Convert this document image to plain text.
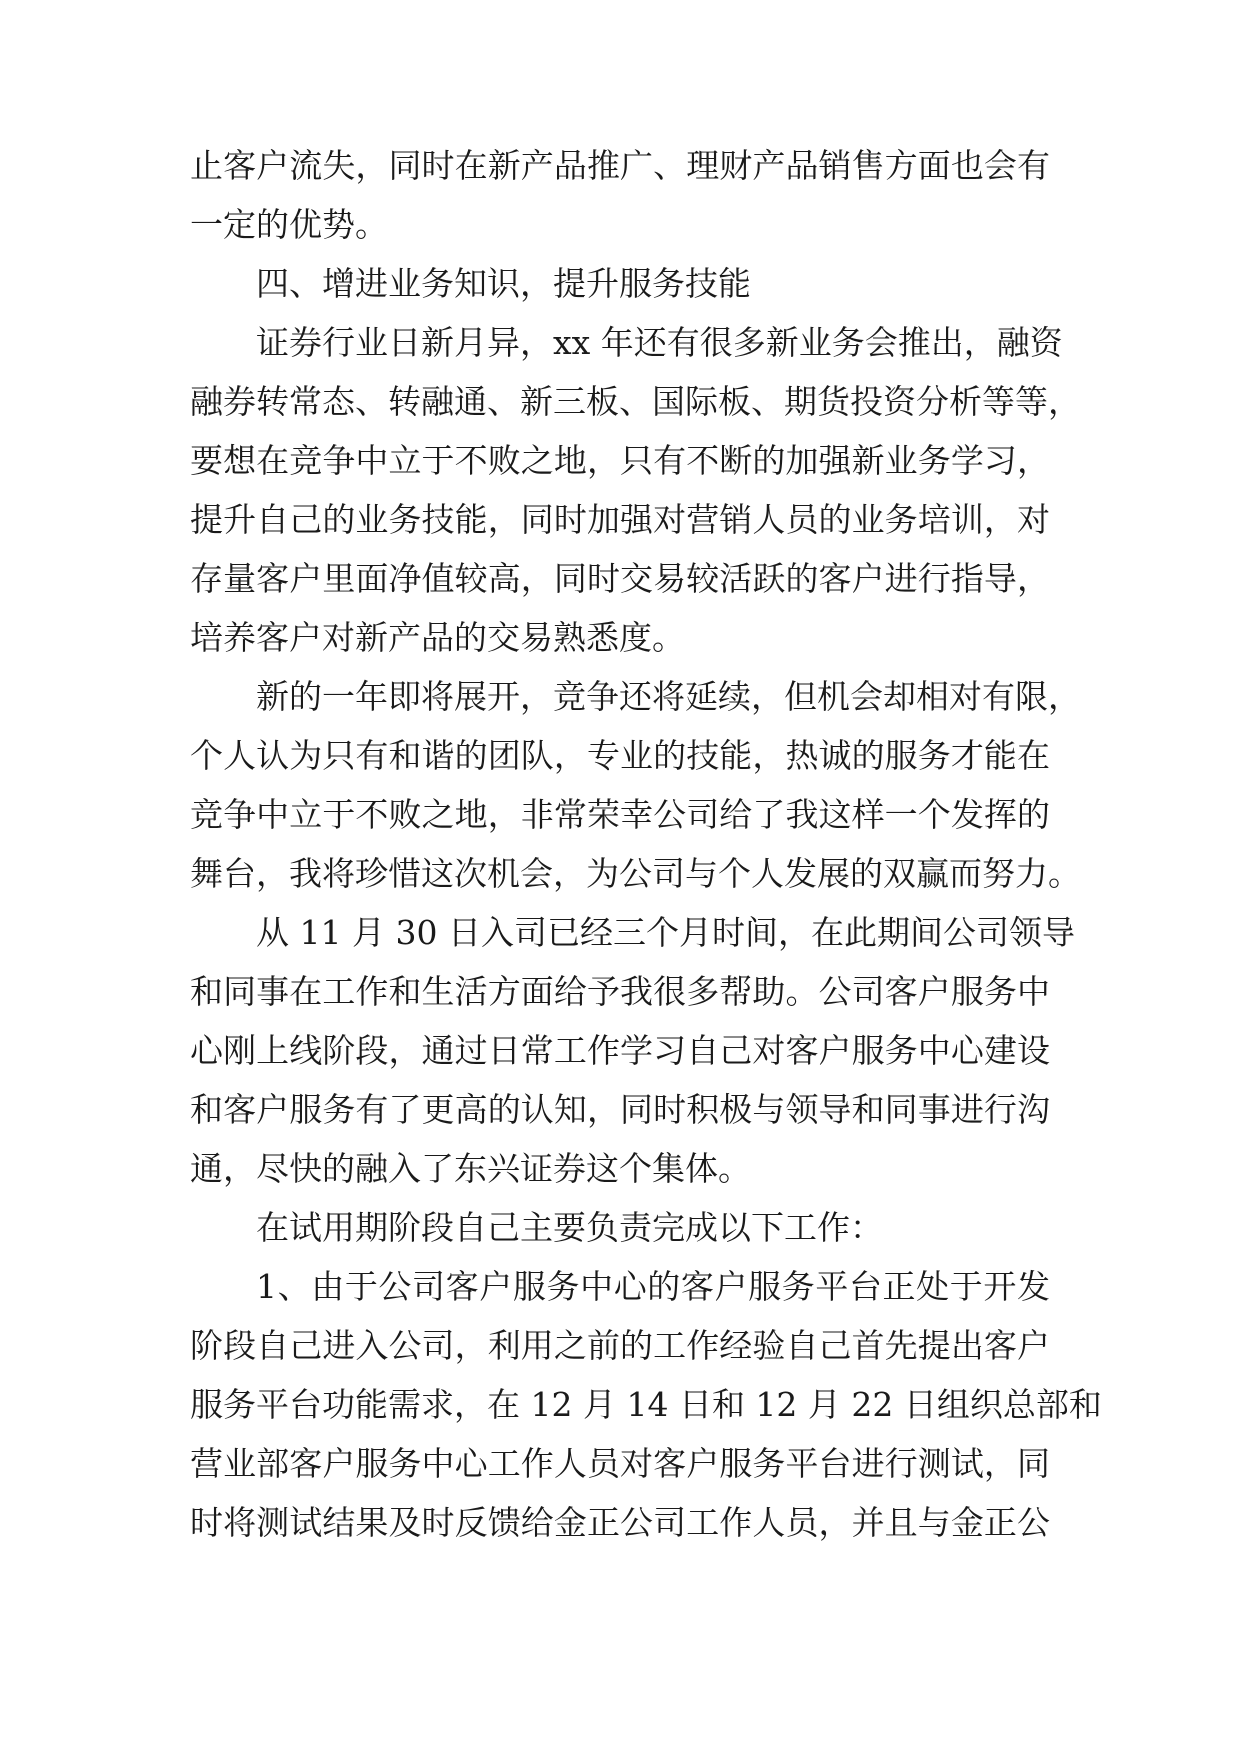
止客户流失，同时在新产品推广、理财产品销售方面也会有
一定的优势。
四、增进业务知识，提升服务技能
证券行业日新月异，xx 年还有很多新业务会推出，融资
融券转常态、转融通、新三板、国际板、期货投资分析等等，
要想在竞争中立于不败之地，只有不断的加强新业务学习，
提升自己的业务技能，同时加强对营销人员的业务培训，对
存量客户里面净值较高，同时交易较活跃的客户进行指导，
培养客户对新产品的交易熟悉度。
新的一年即将展开，竞争还将延续，但机会却相对有限，
个人认为只有和谐的团队，专业的技能，热诚的服务才能在
竞争中立于不败之地，非常荣幸公司给了我这样一个发挥的
舞台，我将珍惜这次机会，为公司与个人发展的双赢而努力。
从 11 月 30 日入司已经三个月时间，在此期间公司领导
和同事在工作和生活方面给予我很多帮助。公司客户服务中
心刚上线阶段，通过日常工作学习自己对客户服务中心建设
和客户服务有了更高的认知，同时积极与领导和同事进行沟
通，尽快的融入了东兴证券这个集体。
在试用期阶段自己主要负责完成以下工作：
1、由于公司客户服务中心的客户服务平台正处于开发
阶段自己进入公司，利用之前的工作经验自己首先提出客户
服务平台功能需求，在 12 月 14 日和 12 月 22 日组织总部和
营业部客户服务中心工作人员对客户服务平台进行测试，同
时将测试结果及时反馈给金正公司工作人员，并且与金正公
